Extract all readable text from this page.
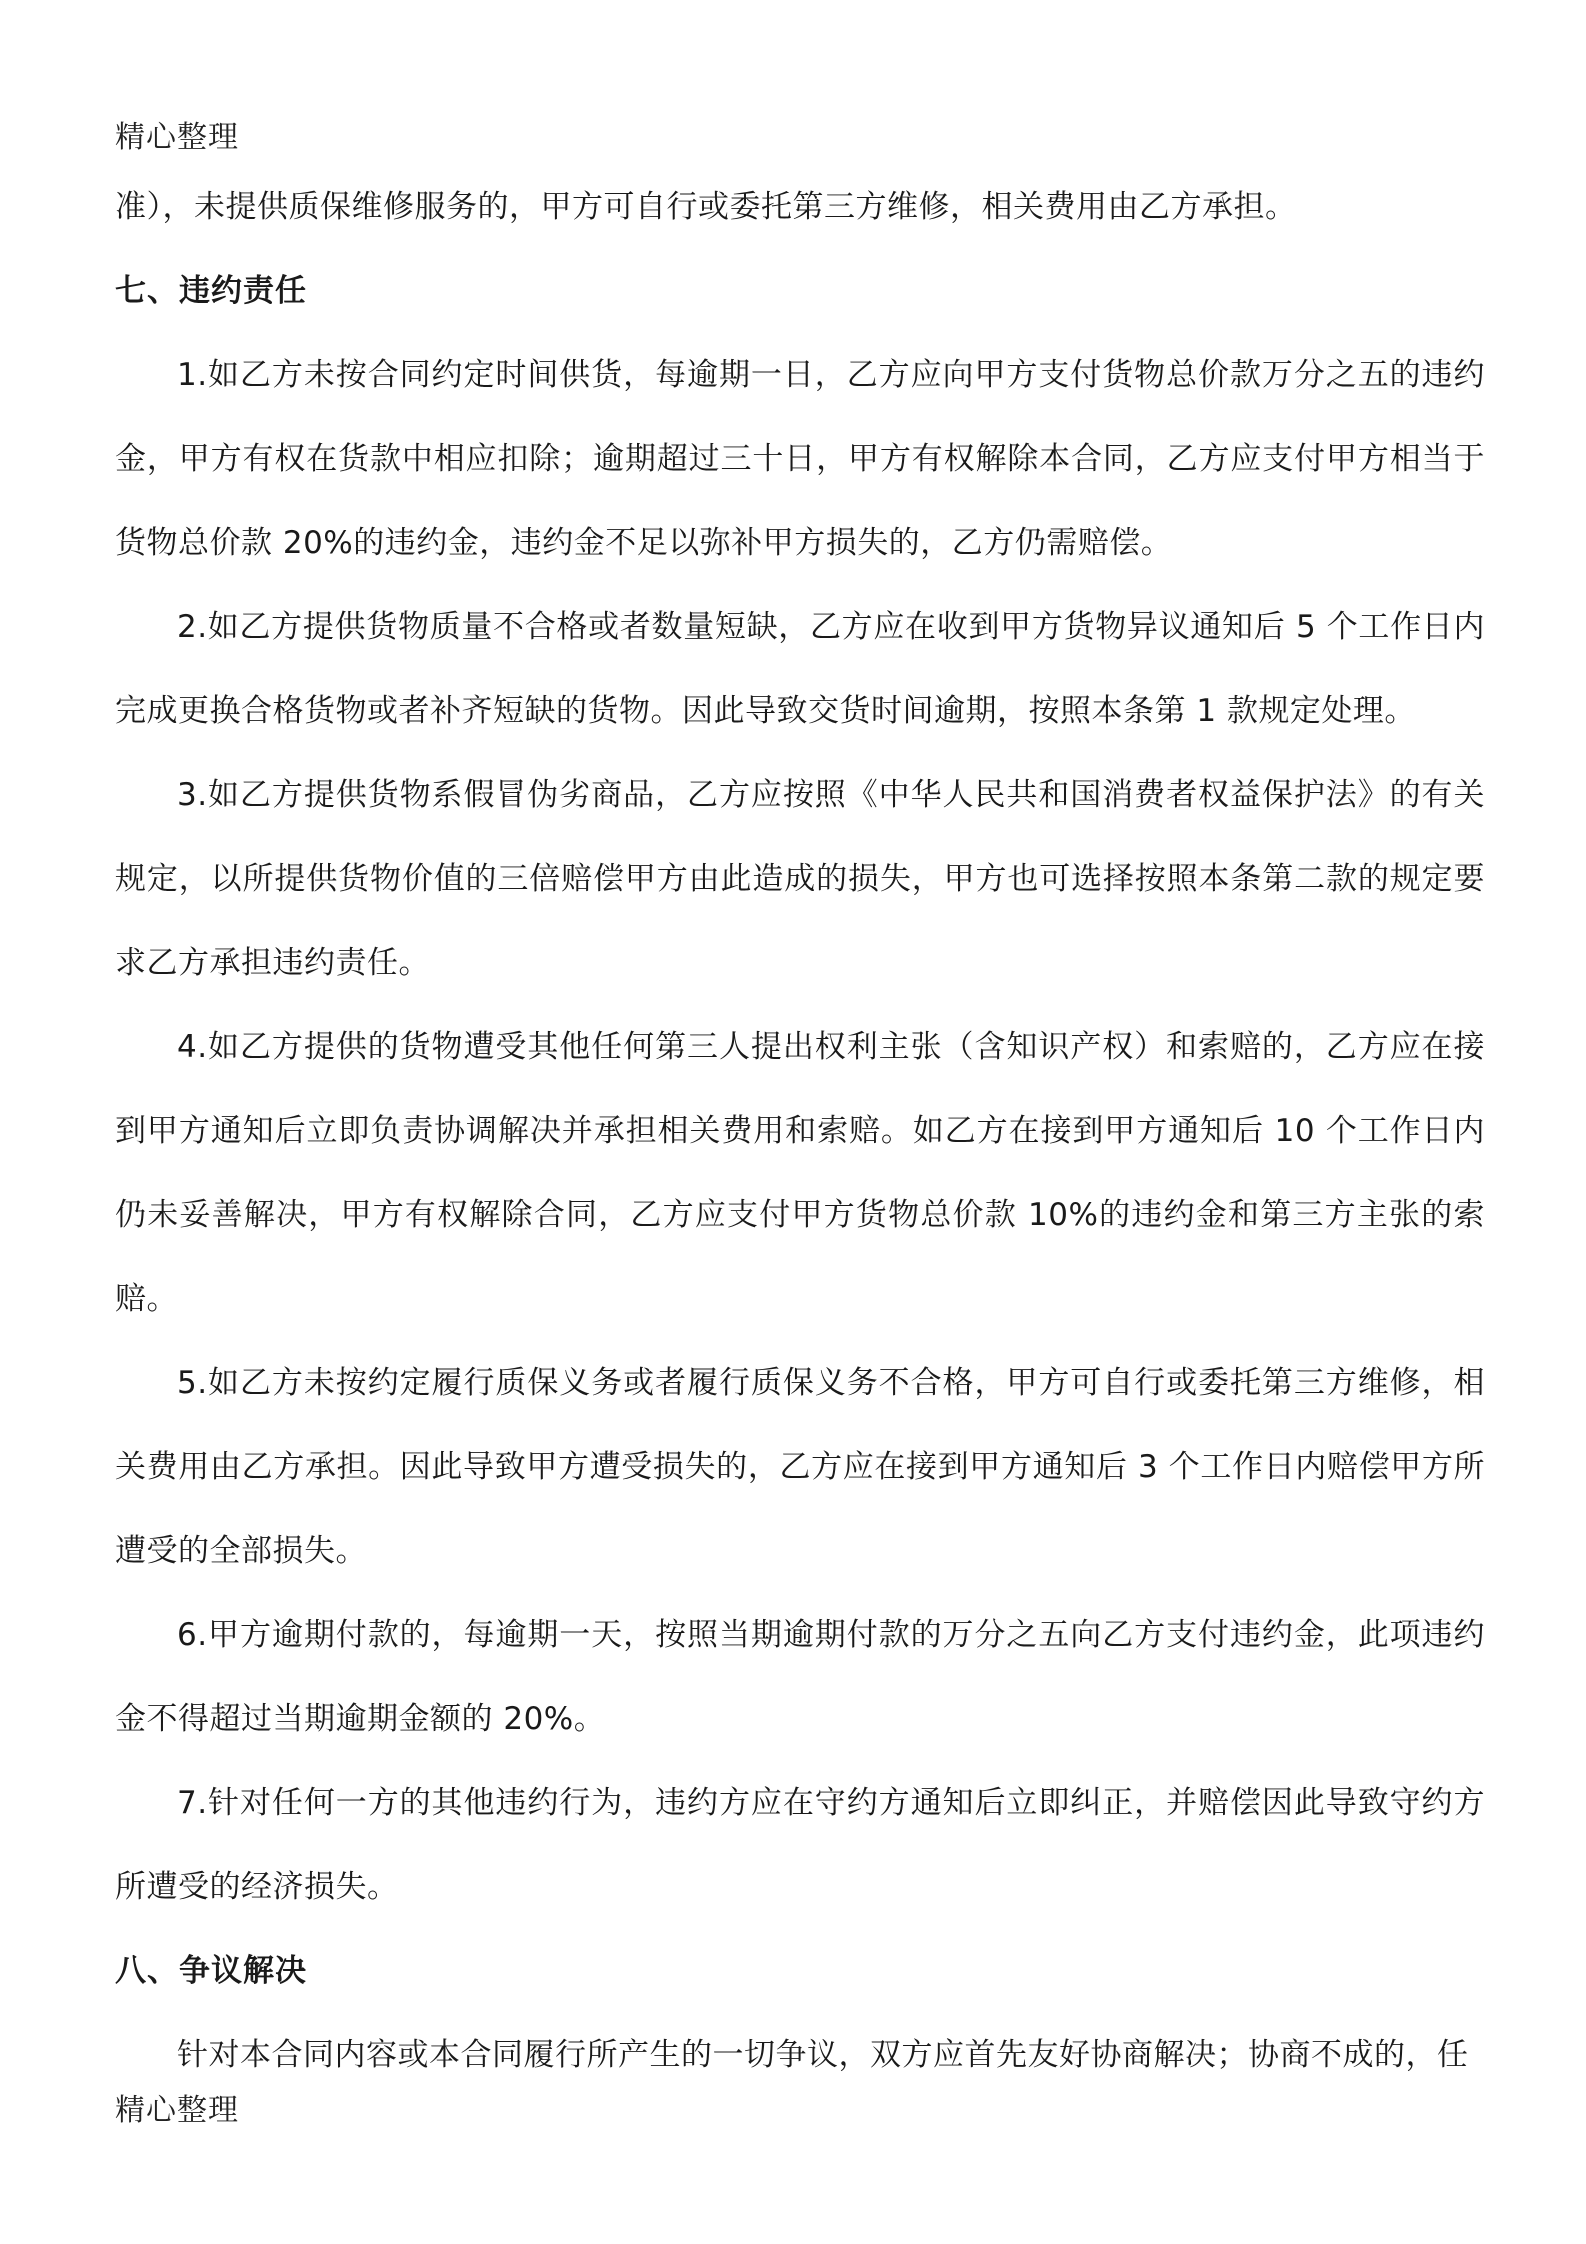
精心整理

准），未提供质保维修服务的，甲方可自行或委托第三方维修，相关费用由乙方承担。

七、违约责任

1.如乙方未按合同约定时间供货，每逾期一日，乙方应向甲方支付货物总价款万分之五的违约金，甲方有权在货款中相应扣除；逾期超过三十日，甲方有权解除本合同，乙方应支付甲方相当于货物总价款 20%的违约金，违约金不足以弥补甲方损失的，乙方仍需赔偿。

2.如乙方提供货物质量不合格或者数量短缺，乙方应在收到甲方货物异议通知后 5 个工作日内完成更换合格货物或者补齐短缺的货物。因此导致交货时间逾期，按照本条第 1 款规定处理。

3.如乙方提供货物系假冒伪劣商品，乙方应按照《中华人民共和国消费者权益保护法》的有关规定，以所提供货物价值的三倍赔偿甲方由此造成的损失，甲方也可选择按照本条第二款的规定要求乙方承担违约责任。

4.如乙方提供的货物遭受其他任何第三人提出权利主张（含知识产权）和索赔的，乙方应在接到甲方通知后立即负责协调解决并承担相关费用和索赔。如乙方在接到甲方通知后 10 个工作日内仍未妥善解决，甲方有权解除合同，乙方应支付甲方货物总价款 10%的违约金和第三方主张的索赔。

5.如乙方未按约定履行质保义务或者履行质保义务不合格，甲方可自行或委托第三方维修，相关费用由乙方承担。因此导致甲方遭受损失的，乙方应在接到甲方通知后 3 个工作日内赔偿甲方所遭受的全部损失。

6.甲方逾期付款的，每逾期一天，按照当期逾期付款的万分之五向乙方支付违约金，此项违约金不得超过当期逾期金额的 20%。

7.针对任何一方的其他违约行为，违约方应在守约方通知后立即纠正，并赔偿因此导致守约方所遭受的经济损失。

八、争议解决

针对本合同内容或本合同履行所产生的一切争议，双方应首先友好协商解决；协商不成的，任

精心整理
